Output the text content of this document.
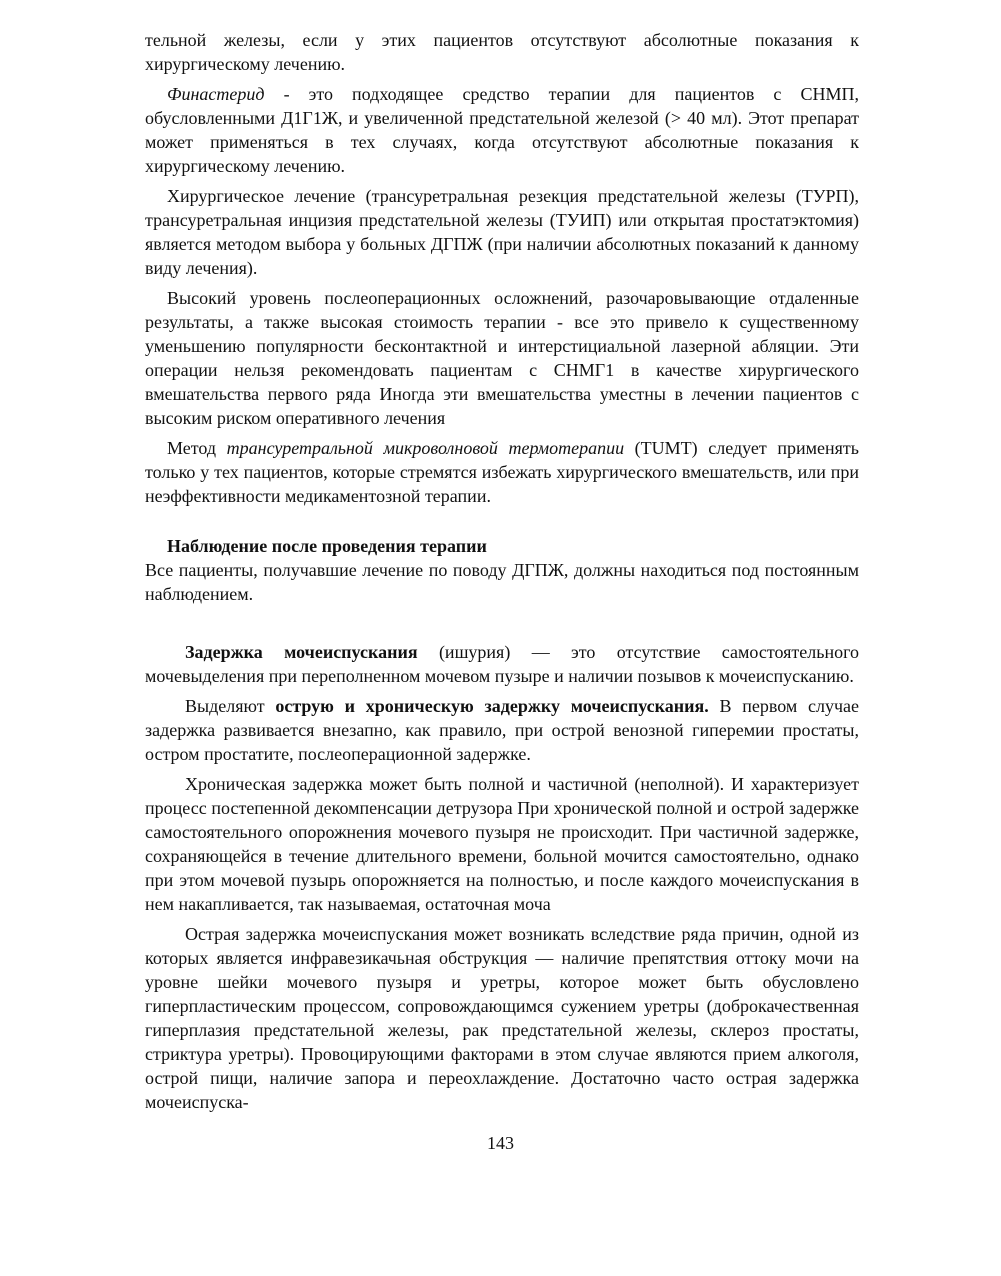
тельной железы, если у этих пациентов отсутствуют абсолютные показания к хирургическому лечению.

Финастерид - это подходящее средство терапии для пациентов с СНМП, обусловленными Д1Г1Ж, и увеличенной предстательной железой (> 40 мл). Этот препарат может применяться в тех случаях, когда отсутствуют абсолютные показания к хирургическому лечению.

Хирургическое лечение (трансуретральная резекция предстательной железы (ТУРП), трансуретральная инцизия предстательной железы (ТУИП) или открытая простатэктомия) является методом выбора у больных ДГПЖ (при наличии абсолютных показаний к данному виду лечения).

Высокий уровень послеоперационных осложнений, разочаровывающие отдаленные результаты, а также высокая стоимость терапии - все это привело к существенному уменьшению популярности бесконтактной и интерстициальной лазерной абляции. Эти операции нельзя рекомендовать пациентам с СНМГ1 в качестве хирургического вмешательства первого ряда Иногда эти вмешательства уместны в лечении пациентов с высоким риском оперативного лечения

Метод трансуретральной микроволновой термотерапии (TUMT) следует применять только у тех пациентов, которые стремятся избежать хирургического вмешательств, или при неэффективности медикаментозной терапии.

Наблюдение после проведения терапии

Все пациенты, получавшие лечение по поводу ДГПЖ, должны находиться под постоянным наблюдением.

Задержка мочеиспускания (ишурия) — это отсутствие самостоятельного мочевыделения при переполненном мочевом пузыре и наличии позывов к мочеиспусканию.

Выделяют острую и хроническую задержку мочеиспускания. В первом случае задержка развивается внезапно, как правило, при острой венозной гиперемии простаты, остром простатите, послеоперационной задержке.

Хроническая задержка может быть полной и частичной (неполной). И характеризует процесс постепенной декомпенсации детрузора При хронической полной и острой задержке самостоятельного опорожнения мочевого пузыря не происходит. При частичной задержке, сохраняющейся в течение длительного времени, больной мочится самостоятельно, однако при этом мочевой пузырь опорожняется на полностью, и после каждого мочеиспускания в нем накапливается, так называемая, остаточная моча

Острая задержка мочеиспускания может возникать вследствие ряда причин, одной из которых является инфравезикачьная обструкция — наличие препятствия оттоку мочи на уровне шейки мочевого пузыря и уретры, которое может быть обусловлено гиперпластическим процессом, сопровождающимся сужением уретры (доброкачественная гиперплазия предстательной железы, рак предстательной железы, склероз простаты, стриктура уретры). Провоцирующими факторами в этом случае являются прием алкоголя, острой пищи, наличие запора и переохлаждение. Достаточно часто острая задержка мочеиспуска-

143
